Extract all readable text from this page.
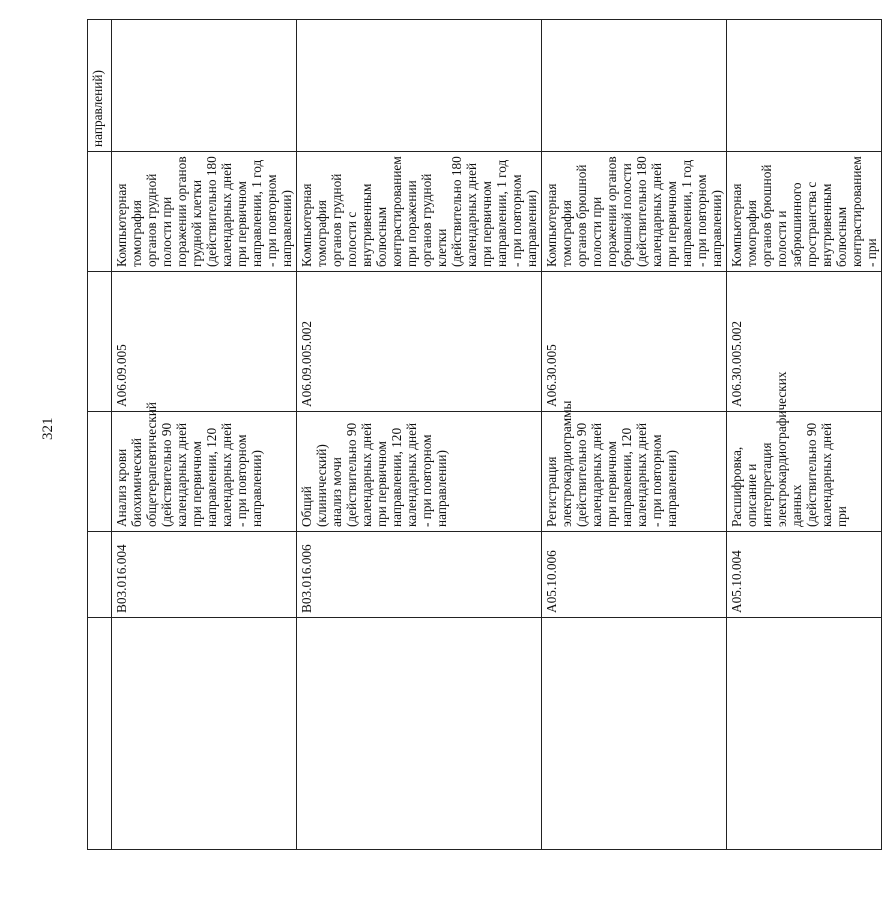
321
					направлений)
	B03.016.004	Анализ крови биохимический общетерапевтический (действительно 90 календарных дней при первичном направлении, 120 календарных дней - при повторном направлении)	A06.09.005	Компьютерная томография органов грудной полости при поражении органов грудной клетки (действительно 180 календарных дней при первичном направлении, 1 год - при повторном направлении)	
	B03.016.006	Общий (клинический) анализ мочи (действительно 90 календарных дней при первичном направлении, 120 календарных дней - при повторном направлении)	A06.09.005.002	Компьютерная томография органов грудной полости с внутривенным болюсным контрастированием при поражении органов грудной клетки (действительно 180 календарных дней при первичном направлении, 1 год - при повторном направлении)	
	A05.10.006	Регистрация электрокардиограммы (действительно 90 календарных дней при первичном направлении, 120 календарных дней - при повторном направлении)	A06.30.005	Компьютерная томография органов брюшной полости при поражении органов брюшной полости (действительно 180 календарных дней при первичном направлении, 1 год - при повторном направлении)	
	A05.10.004	Расшифровка, описание и интерпретация электрокардиографических данных (действительно 90 календарных дней при	A06.30.005.002	Компьютерная томография органов брюшной полости и забрюшинного пространства с внутривенным болюсным контрастированием - при	
